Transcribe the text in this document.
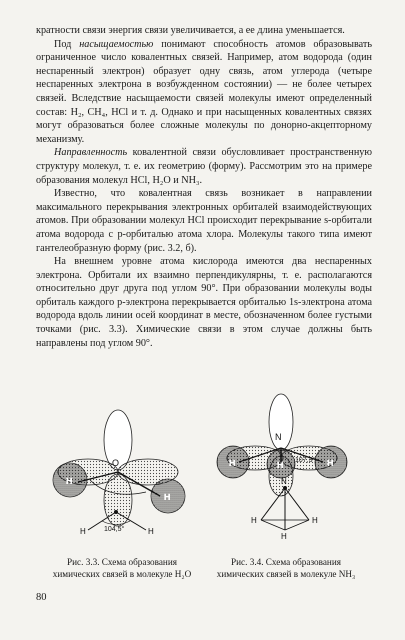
кратности связи энергия связи увеличивается, а ее длина уменьшается.

Под насыщаемостью понимают способность атомов образовывать ограниченное число ковалентных связей. Например, атом водорода (один неспаренный электрон) образует одну связь, атом углерода (четыре неспаренных электрона в возбужденном состоянии) — не более четырех связей. Вследствие насыщаемости связей молекулы имеют определенный состав: H₂, CH₄, HCl и т. д. Однако и при насыщенных ковалентных связях могут образоваться более сложные молекулы по донорно-акцепторному механизму.

Направленность ковалентной связи обусловливает пространственную структуру молекул, т. е. их геометрию (форму). Рассмотрим это на примере образования молекул HCl, H₂O и NH₃.

Известно, что ковалентная связь возникает в направлении максимального перекрывания электронных орбиталей взаимодействующих атомов. При образовании молекул HCl происходит перекрывание s-орбитали атома водорода с p-орбиталью атома хлора. Молекулы такого типа имеют гантелеобразную форму (рис. 3.2, б).

На внешнем уровне атома кислорода имеются два неспаренных электрона. Орбитали их взаимно перпендикулярны, т. е. располагаются относительно друг друга под углом 90°. При образовании молекулы воды орбиталь каждого p-электрона перекрывается орбиталью 1s-электрона атома водорода вдоль линии осей координат в месте, обозначенном более густыми точками (рис. 3.3). Химические связи в этом случае должны быть направлены под углом 90°.

H
H
O
104,5°
H	H
H	H
H
N
107,3°
N
H	H
H
Рис. 3.3. Схема образования химических связей в молекуле H₂O
Рис. 3.4. Схема образования химических связей в молекуле NH₃
80
